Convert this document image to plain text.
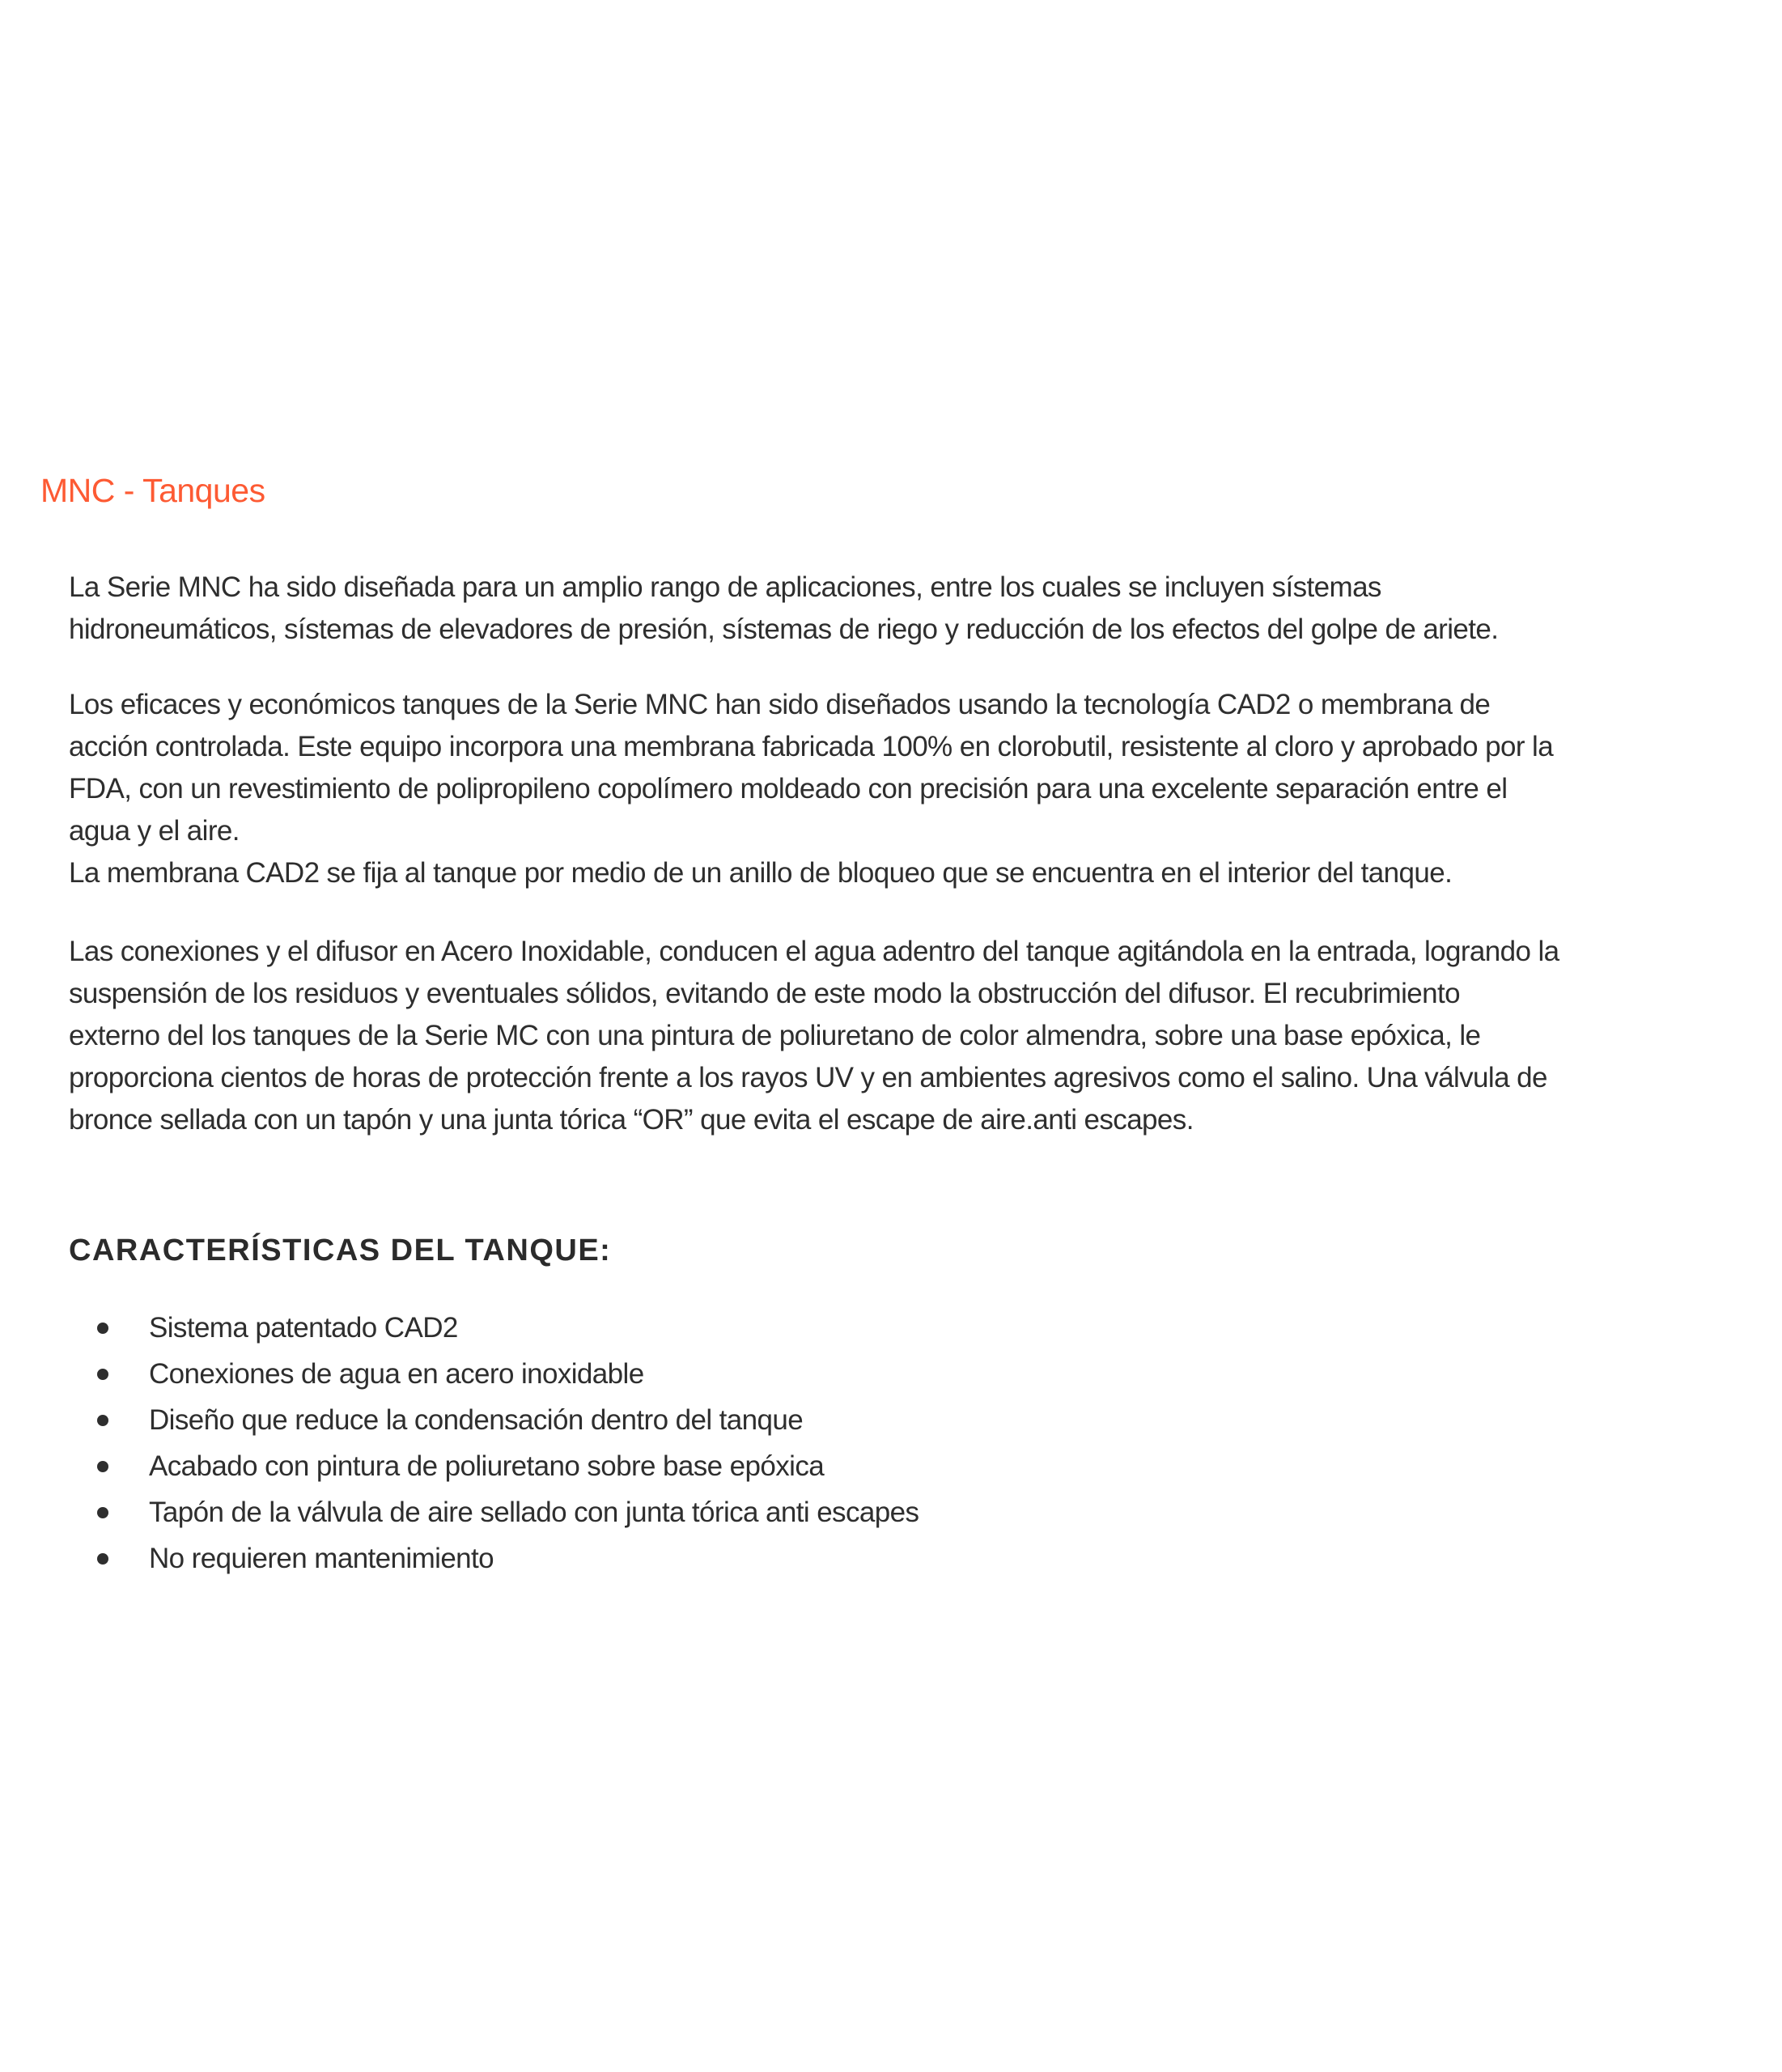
MNC - Tanques
La Serie MNC ha sido diseñada para un amplio rango de aplicaciones, entre los cuales se incluyen sístemas
hidroneumáticos, sístemas de elevadores de presión, sístemas de riego y reducción de los efectos del golpe de ariete.
Los eficaces y económicos tanques de la Serie MNC han sido diseñados usando la tecnología CAD2 o membrana de
acción controlada. Este equipo incorpora una membrana fabricada 100% en clorobutil, resistente al cloro y aprobado por la
FDA, con un revestimiento de polipropileno copolímero moldeado con precisión para una excelente separación entre el
agua y el aire.
La membrana CAD2 se fija al tanque por medio de un anillo de bloqueo que se encuentra en el interior del tanque.
Las conexiones y el difusor en Acero Inoxidable, conducen el agua adentro del tanque agitándola en la entrada, logrando la
suspensión de los residuos y eventuales sólidos, evitando de este modo la obstrucción del difusor. El recubrimiento
externo del los tanques de la Serie MC con una pintura de poliuretano de color almendra, sobre una base epóxica, le
proporciona cientos de horas de protección frente a los rayos UV y en ambientes agresivos como el salino. Una válvula de
bronce sellada con un tapón y una junta tórica “OR” que evita el escape de aire.anti escapes.
CARACTERÍSTICAS DEL TANQUE:
Sistema patentado CAD2
Conexiones de agua en acero inoxidable
Diseño que reduce la condensación dentro del tanque
Acabado con pintura de poliuretano sobre base epóxica
Tapón de la válvula de aire sellado con junta tórica anti escapes
No requieren mantenimiento
